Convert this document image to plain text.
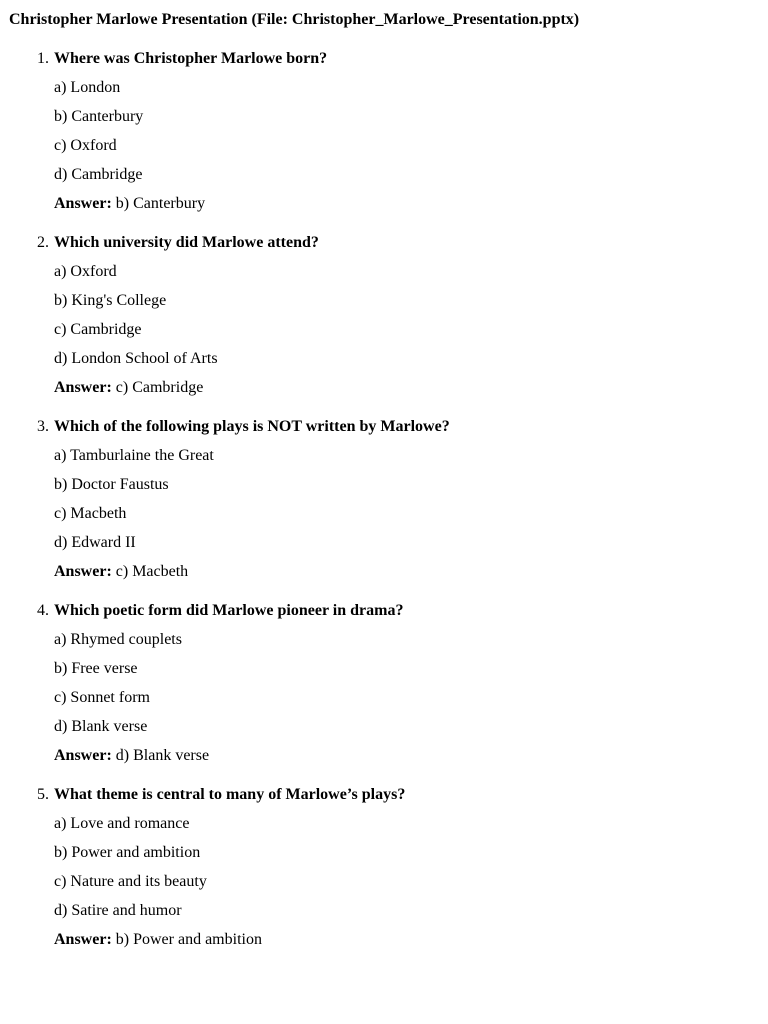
Christopher Marlowe Presentation (File: Christopher_Marlowe_Presentation.pptx)

1. Where was Christopher Marlowe born?
a) London
b) Canterbury
c) Oxford
d) Cambridge
Answer: b) Canterbury
2. Which university did Marlowe attend?
a) Oxford
b) King's College
c) Cambridge
d) London School of Arts
Answer: c) Cambridge
3. Which of the following plays is NOT written by Marlowe?
a) Tamburlaine the Great
b) Doctor Faustus
c) Macbeth
d) Edward II
Answer: c) Macbeth
4. Which poetic form did Marlowe pioneer in drama?
a) Rhymed couplets
b) Free verse
c) Sonnet form
d) Blank verse
Answer: d) Blank verse
5. What theme is central to many of Marlowe’s plays?
a) Love and romance
b) Power and ambition
c) Nature and its beauty
d) Satire and humor
Answer: b) Power and ambition
